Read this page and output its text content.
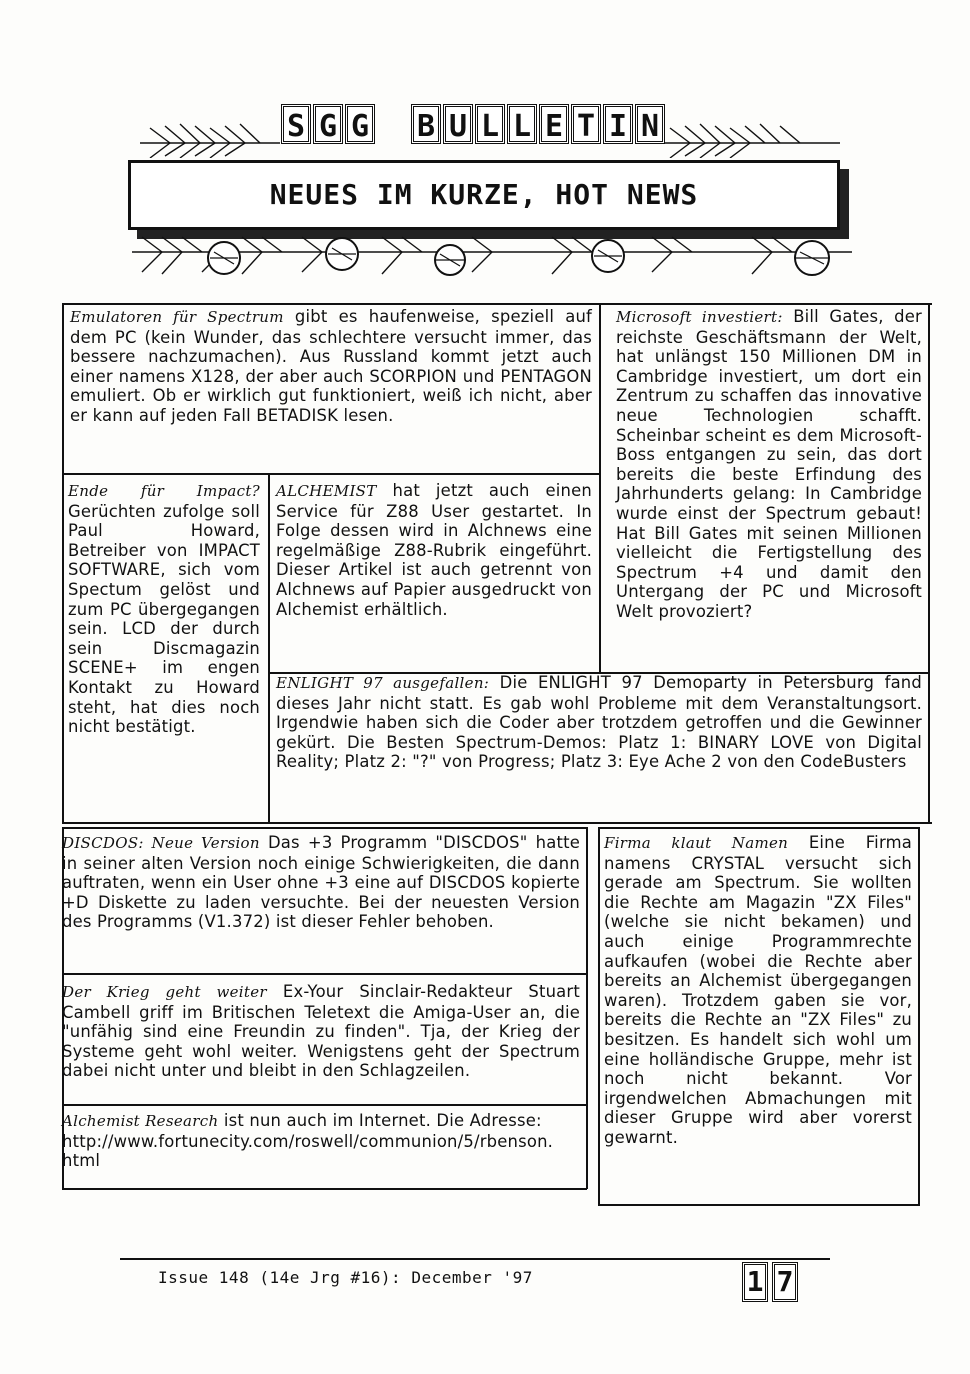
S G G B U L L E T I N
NEUES IM KURZE, HOT NEWS
Emulatoren für Spectrum gibt es haufenweise, speziell auf dem PC (kein Wunder, das schlechtere versucht immer, das bessere nachzumachen). Aus Russland kommt jetzt auch einer namens X128, der aber auch SCORPION und PENTAGON emuliert. Ob er wirklich gut funktioniert, weiß ich nicht, aber er kann auf jeden Fall BETADISK lesen.
Microsoft investiert: Bill Gates, der reichste Geschäftsmann der Welt, hat unlängst 150 Millionen DM in Cambridge investiert, um dort ein Zentrum zu schaffen das innovative neue Technologien schafft. Scheinbar scheint es dem Microsoft-Boss entgangen zu sein, das dort bereits die beste Erfindung des Jahrhunderts gelang: In Cambridge wurde einst der Spectrum gebaut! Hat Bill Gates mit seinen Millionen vielleicht die Fertigstellung des Spectrum +4 und damit den Untergang der PC und Microsoft Welt provoziert?
Ende für Impact? Gerüchten zufolge soll Paul Howard, Betreiber von IMPACT SOFTWARE, sich vom Spectum gelöst und zum PC übergegangen sein. LCD der durch sein Discmagazin SCENE+ im engen Kontakt zu Howard steht, hat dies noch nicht bestätigt.
ALCHEMIST hat jetzt auch einen Service für Z88 User gestartet. In Folge dessen wird in Alchnews eine regelmäßige Z88-Rubrik eingeführt. Dieser Artikel ist auch getrennt von Alchnews auf Papier ausgedruckt von Alchemist erhältlich.
ENLIGHT 97 ausgefallen: Die ENLIGHT 97 Demoparty in Petersburg fand dieses Jahr nicht statt. Es gab wohl Probleme mit dem Veranstaltungsort. Irgendwie haben sich die Coder aber trotzdem getroffen und die Gewinner gekürt. Die Besten Spectrum-Demos: Platz 1: BINARY LOVE von Digital Reality; Platz 2: "?" von Progress; Platz 3: Eye Ache 2 von den CodeBusters
DISCDOS: Neue Version Das +3 Programm "DISCDOS" hatte in seiner alten Version noch einige Schwierigkeiten, die dann auftraten, wenn ein User ohne +3 eine auf DISCDOS kopierte +D Diskette zu laden versuchte. Bei der neuesten Version des Programms (V1.372) ist dieser Fehler behoben.
Der Krieg geht weiter Ex-Your Sinclair-Redakteur Stuart Cambell griff im Britischen Teletext die Amiga-User an, die "unfähig sind eine Freundin zu finden". Tja, der Krieg der Systeme geht wohl weiter. Wenigstens geht der Spectrum dabei nicht unter und bleibt in den Schlagzeilen.
Alchemist Research ist nun auch im Internet. Die Adresse:
http://www.fortunecity.com/roswell/communion/5/rbenson.html
Firma klaut Namen Eine Firma namens CRYSTAL versucht sich gerade am Spectrum. Sie wollten die Rechte am Magazin "ZX Files" (welche sie nicht bekamen) und auch einige Programmrechte aufkaufen (wobei die Rechte aber bereits an Alchemist übergegangen waren). Trotzdem gaben sie vor, bereits die Rechte an "ZX Files" zu besitzen. Es handelt sich wohl um eine holländische Gruppe, mehr ist noch nicht bekannt. Vor irgendwelchen Abmachungen mit dieser Gruppe wird aber vorerst gewarnt.
Issue 148 (14e Jrg #16): December '97	1 7
